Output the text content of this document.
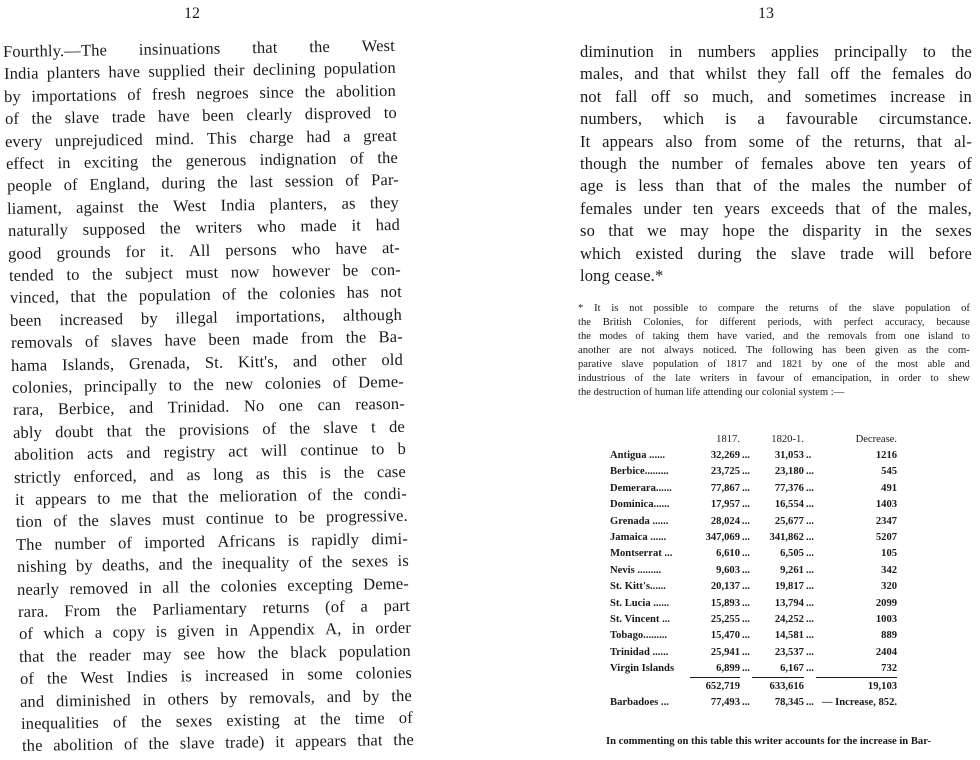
12
Fourthly.—The insinuations that the West
India planters have supplied their declining population
by importations of fresh negroes since the abolition
of the slave trade have been clearly disproved to
every unprejudiced mind. This charge had a great
effect in exciting the generous indignation of the
people of England, during the last session of Par-
liament, against the West India planters, as they
naturally supposed the writers who made it had
good grounds for it. All persons who have at-
tended to the subject must now however be con-
vinced, that the population of the colonies has not
been increased by illegal importations, although
removals of slaves have been made from the Ba-
hama Islands, Grenada, St. Kitt's, and other old
colonies, principally to the new colonies of Deme-
rara, Berbice, and Trinidad. No one can reason-
ably doubt that the provisions of the slave t de
abolition acts and registry act will continue to b
strictly enforced, and as long as this is the case
it appears to me that the melioration of the condi-
tion of the slaves must continue to be progressive.
The number of imported Africans is rapidly dimi-
nishing by deaths, and the inequality of the sexes is
nearly removed in all the colonies excepting Deme-
rara. From the Parliamentary returns (of a part
of which a copy is given in Appendix A, in order
that the reader may see how the black population
of the West Indies is increased in some colonies
and diminished in others by removals, and by the
inequalities of the sexes existing at the time of
the abolition of the slave trade) it appears that the
13
diminution in numbers applies principally to the
males, and that whilst they fall off the females do
not fall off so much, and sometimes increase in
numbers, which is a favourable circumstance.
It appears also from some of the returns, that al-
though the number of females above ten years of
age is less than that of the males the number of
females under ten years exceeds that of the males,
so that we may hope the disparity in the sexes
which existed during the slave trade will before
long cease.*
* It is not possible to compare the returns of the slave population of
the British Colonies, for different periods, with perfect accuracy, because
the modes of taking them have varied, and the removals from one island to
another are not always noticed. The following has been given as the com-
parative slave population of 1817 and 1821 by one of the most able and
industrious of the late writers in favour of emancipation, in order to shew
the destruction of human life attending our colonial system :—
	1817.		1820-1.		Decrease.
Antigua ......	32,269	...	31,053	..	1216
Berbice.........	23,725	...	23,180	...	545
Demerara......	77,867	...	77,376	...	491
Dominica......	17,957	...	16,554	...	1403
Grenada ......	28,024	...	25,677	...	2347
Jamaica ......	347,069	...	341,862	...	5207
Montserrat ...	6,610	...	6,505	...	105
Nevis .........	9,603	...	9,261	...	342
St. Kitt's......	20,137	...	19,817	...	320
St. Lucia ......	15,893	...	13,794	...	2099
St. Vincent ...	25,255	...	24,252	...	1003
Tobago.........	15,470	...	14,581	...	889
Trinidad ......	25,941	...	23,537	...	2404
Virgin Islands	6,899	...	6,167	...	732
	652,719		633,616		19,103
Barbadoes ...	77,493	...	78,345	...	— Increase, 852.
In commenting on this table this writer accounts for the increase in Bar-
